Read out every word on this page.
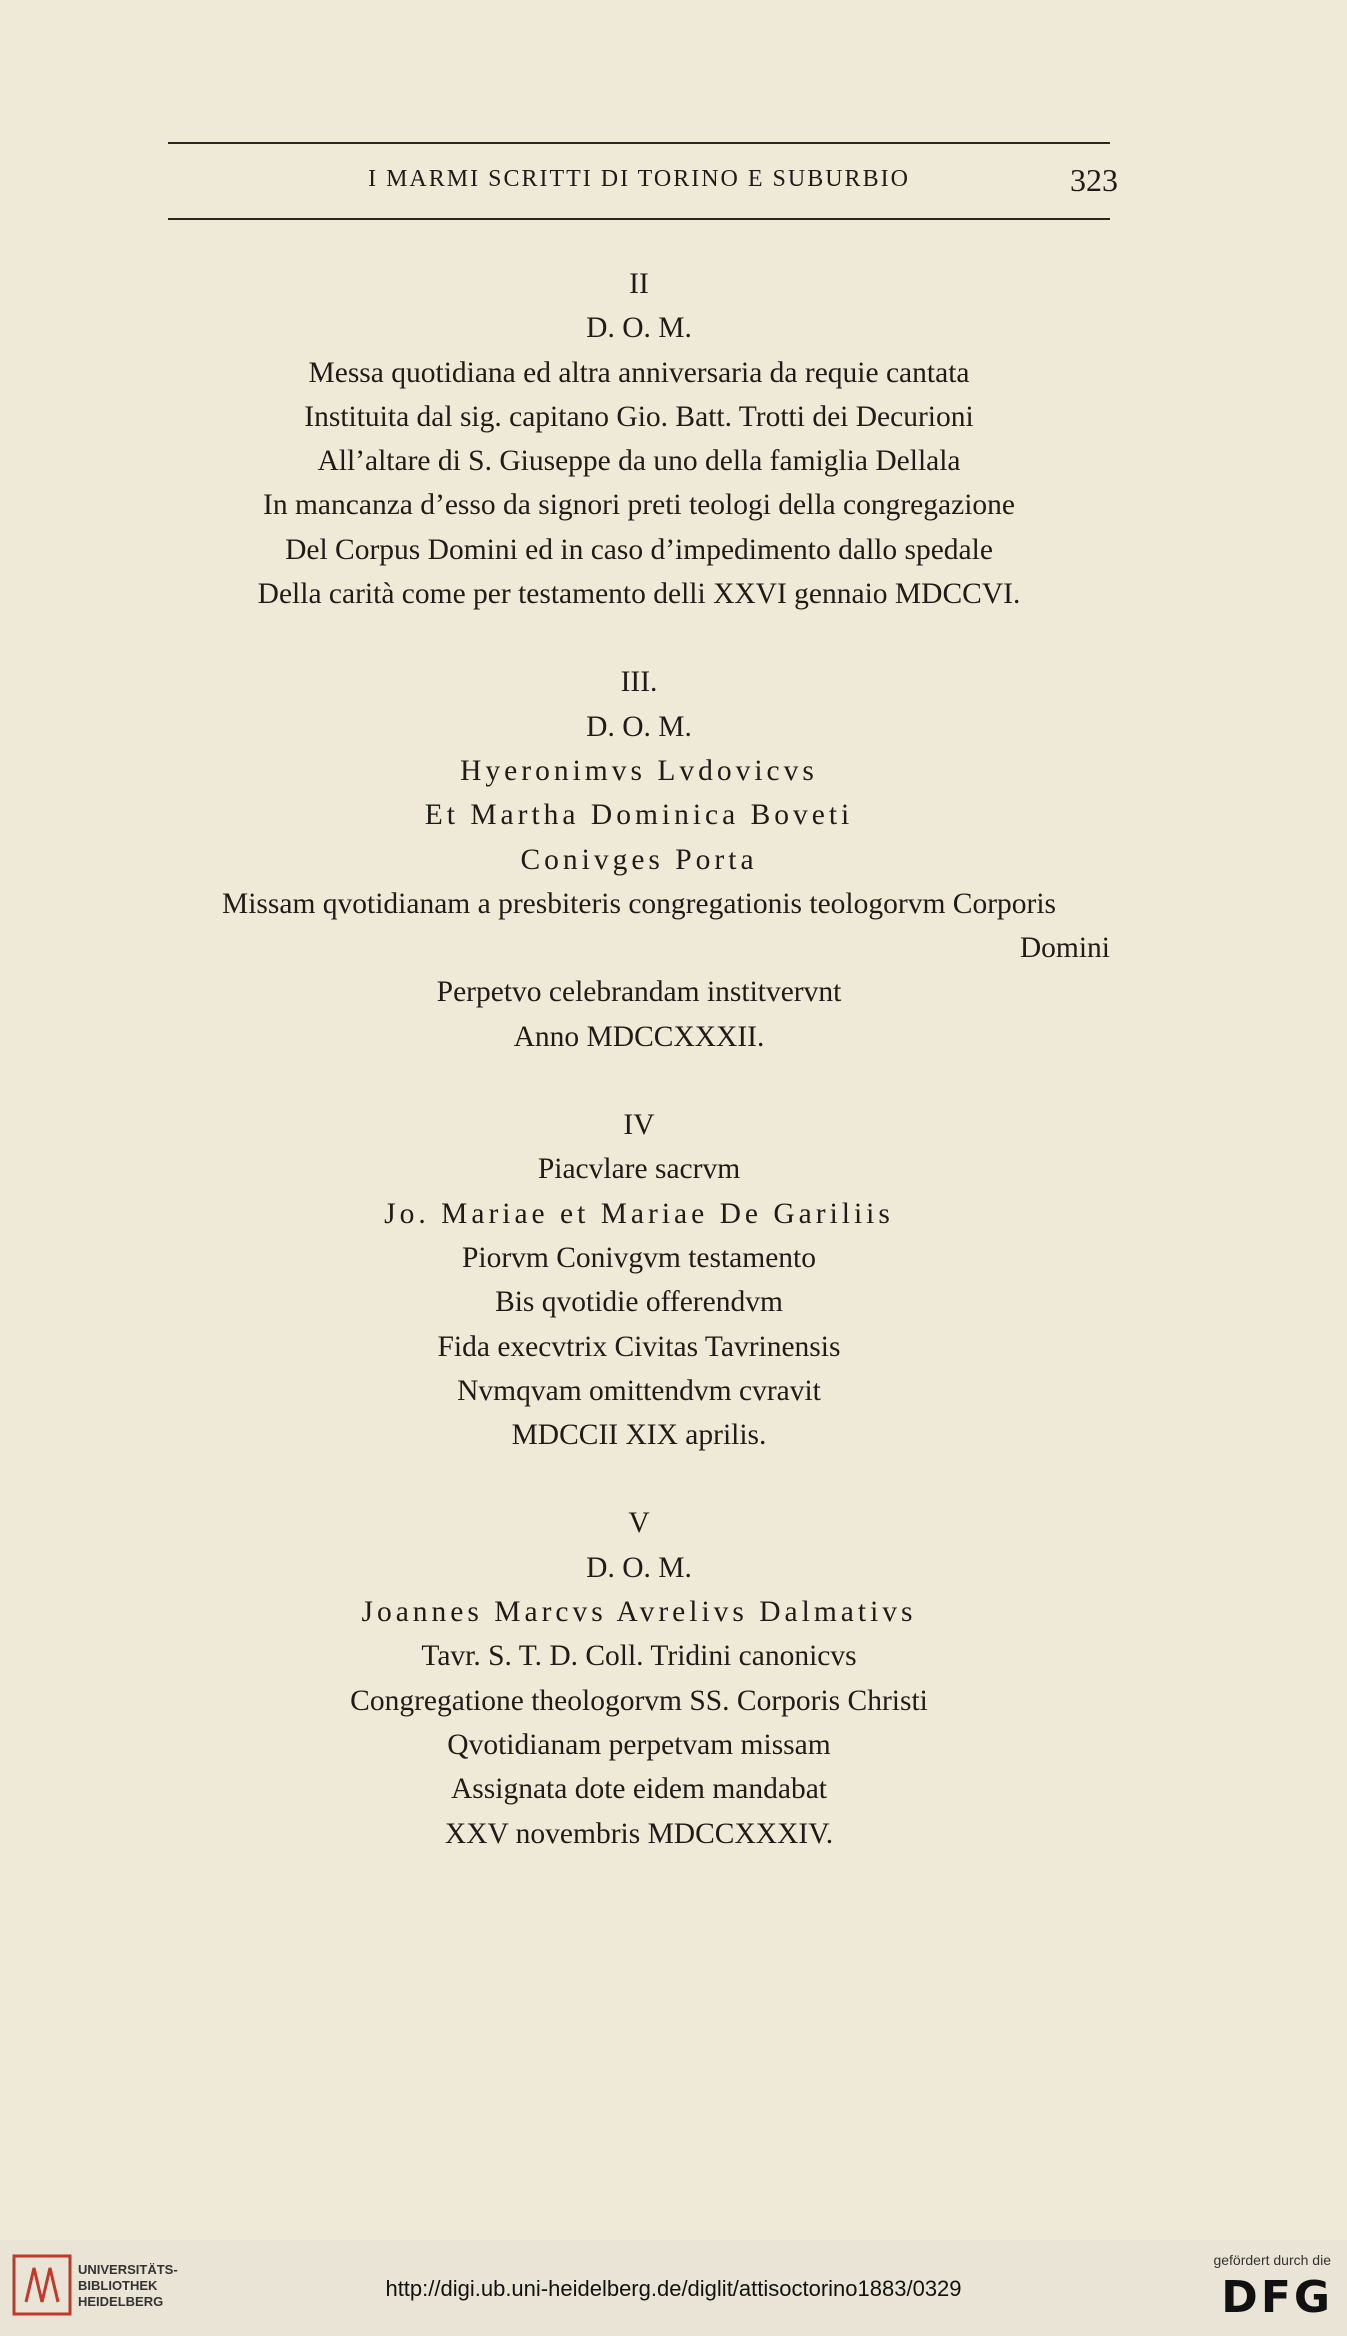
I MARMI SCRITTI DI TORINO E SUBURBIO	323
II
D. O. M.
Messa quotidiana ed altra anniversaria da requie cantata
Instituita dal sig. capitano Gio. Batt. Trotti dei Decurioni
All’altare di S. Giuseppe da uno della famiglia Dellala
In mancanza d’esso da signori preti teologi della congregazione
Del Corpus Domini ed in caso d’impedimento dallo spedale
Della carità come per testamento delli XXVI gennaio MDCCVI.
III.
D. O. M.
Hyeronimvs Lvdovicvs
Et Martha Dominica Boveti
Conivges Porta
Missam qvotidianam a presbiteris congregationis teologorvm Corporis
Domini
Perpetvo celebrandam institvervnt
Anno MDCCXXXII.
IV
Piacvlare sacrvm
Jo. Mariae et Mariae De Gariliis
Piorvm Conivgvm testamento
Bis qvotidie offerendvm
Fida execvtrix Civitas Tavrinensis
Nvmqvam omittendvm cvravit
MDCCII XIX aprilis.
V
D. O. M.
Joannes Marcvs Avrelivs Dalmativs
Tavr. S. T. D. Coll. Tridini canonicvs
Congregatione theologorvm SS. Corporis Christi
Qvotidianam perpetvam missam
Assignata dote eidem mandabat
XXV novembris MDCCXXXIV.
UNIVERSITÄTS-
BIBLIOTHEK
HEIDELBERG
http://digi.ub.uni-heidelberg.de/diglit/attisoctorino1883/0329
gefördert durch die
DFG
